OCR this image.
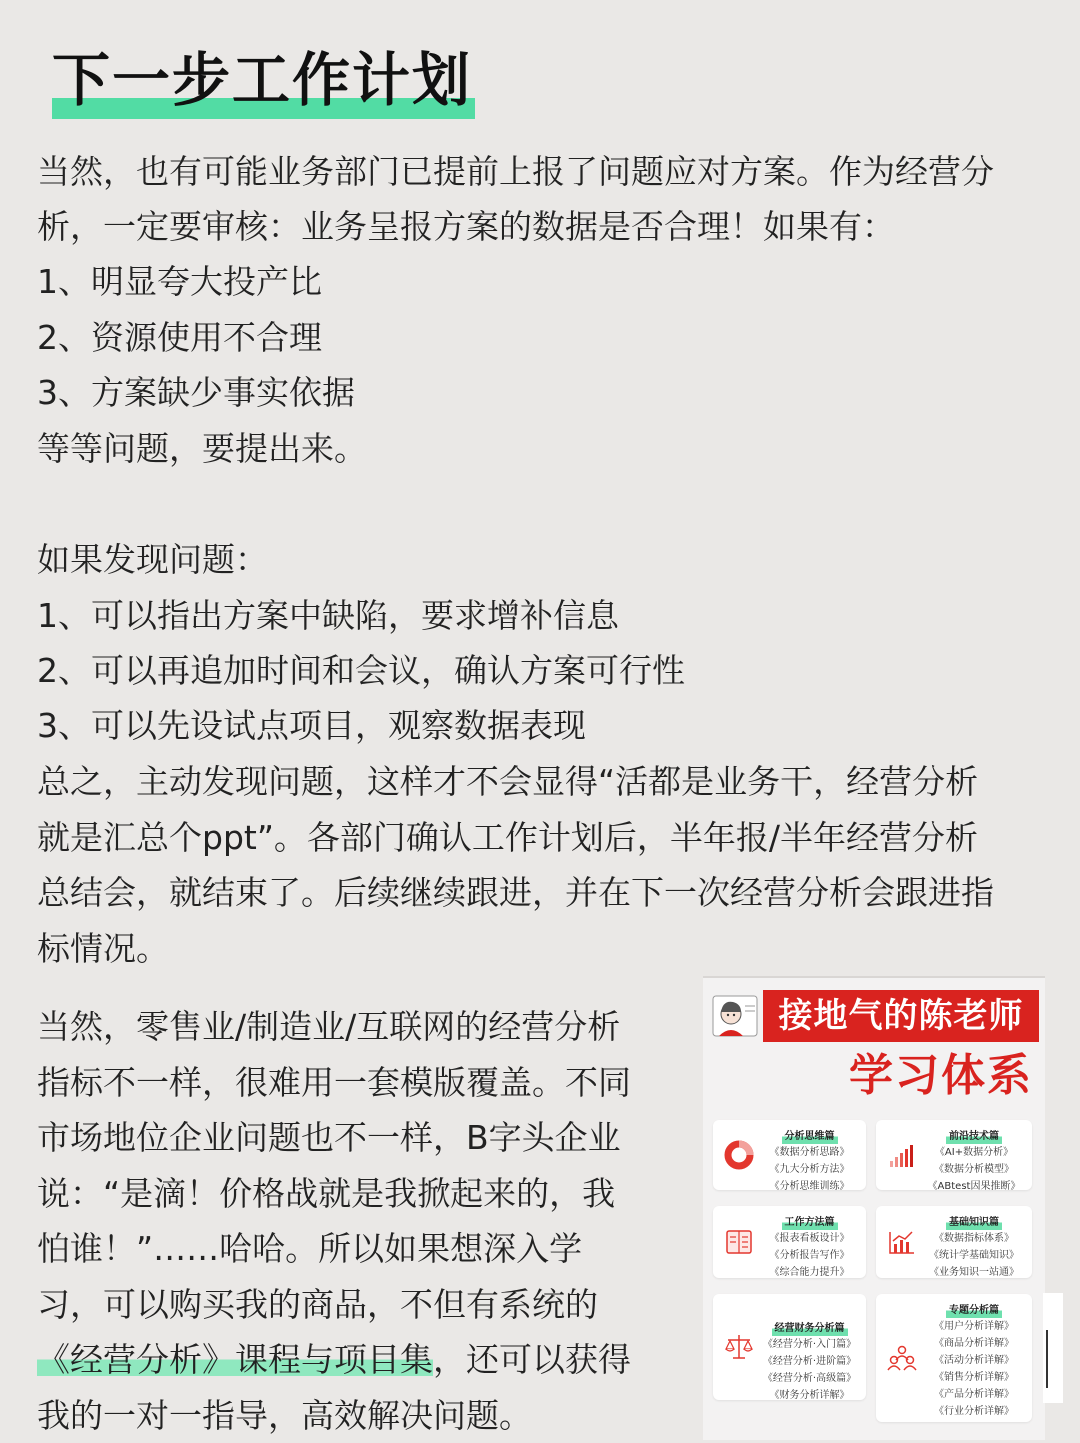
下一步工作计划

当然，也有可能业务部门已提前上报了问题应对方案。作为经营分

析，一定要审核：业务呈报方案的数据是否合理！如果有：

1、明显夸大投产比

2、资源使用不合理

3、方案缺少事实依据

等等问题，要提出来。

如果发现问题：

1、可以指出方案中缺陷，要求增补信息

2、可以再追加时间和会议，确认方案可行性

3、可以先设试点项目，观察数据表现

总之，主动发现问题，这样才不会显得“活都是业务干，经营分析

就是汇总个ppt”。各部门确认工作计划后，半年报/半年经营分析

总结会，就结束了。后续继续跟进，并在下一次经营分析会跟进指

标情况。

当然，零售业/制造业/互联网的经营分析

指标不一样，很难用一套模版覆盖。不同

市场地位企业问题也不一样，B字头企业

说：“是滴！价格战就是我掀起来的，我

怕谁！”……哈哈。所以如果想深入学

习，可以购买我的商品，不但有系统的

《经营分析》课程与项目集，还可以获得

我的一对一指导，高效解决问题。

接地气的陈老师
学习体系
分析思维篇
《数据分析思路》
《九大分析方法》
《分析思维训练》
前沿技术篇
《AI+数据分析》
《数据分析模型》
《ABtest因果推断》
工作方法篇
《报表看板设计》
《分析报告写作》
《综合能力提升》
基础知识篇
《数据指标体系》
《统计学基础知识》
《业务知识一站通》
经营财务分析篇
《经营分析·入门篇》
《经营分析·进阶篇》
《经营分析·高级篇》
《财务分析详解》
专题分析篇
《用户分析详解》
《商品分析详解》
《活动分析详解》
《销售分析详解》
《产品分析详解》
《行业分析详解》
